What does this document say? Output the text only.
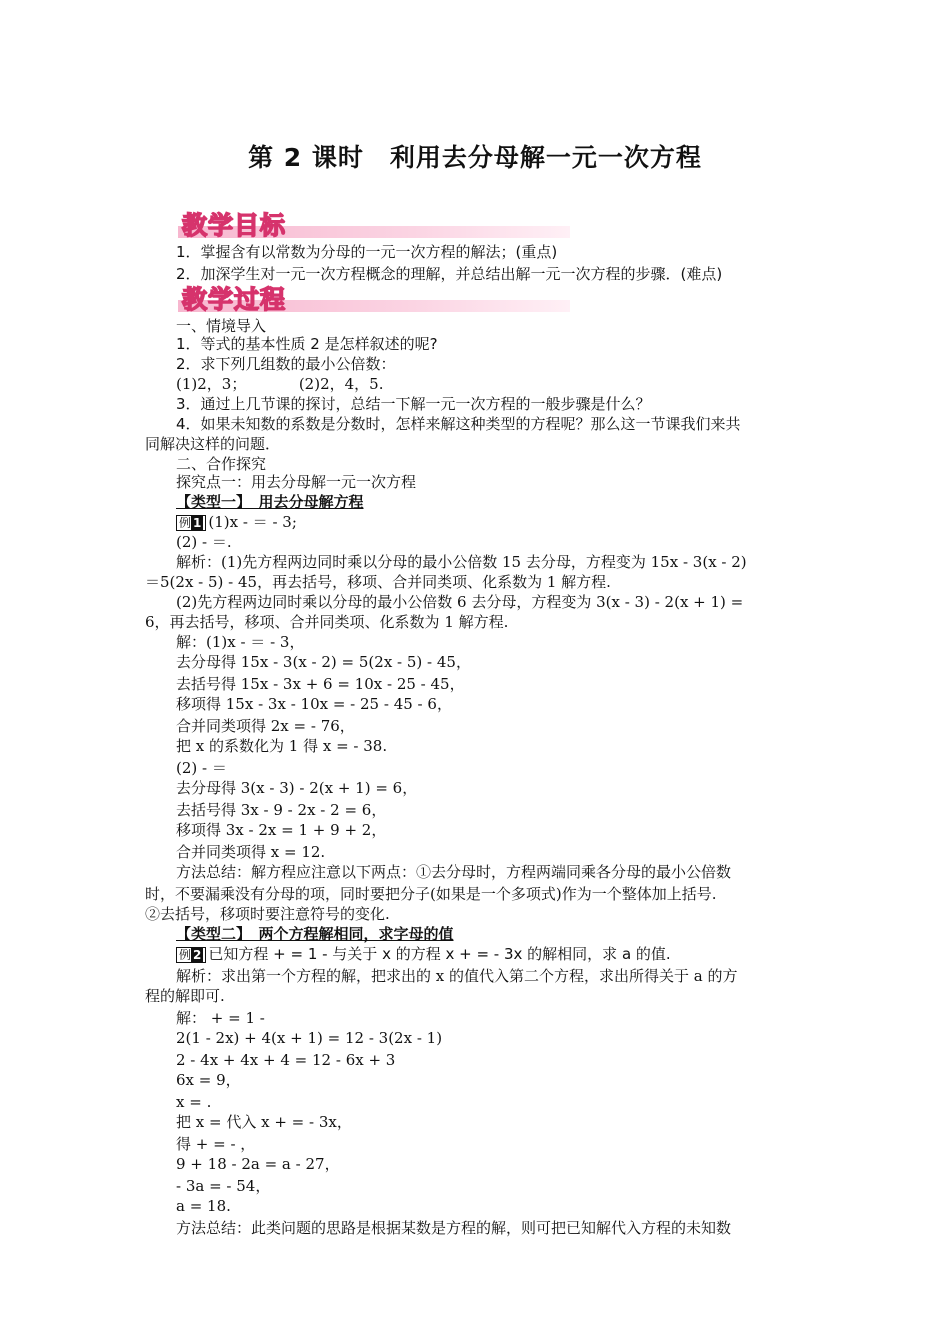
第 2 课时　利用去分母解一元一次方程
教学目标
1．掌握含有以常数为分母的一元一次方程的解法；(重点)
2．加深学生对一元一次方程概念的理解，并总结出解一元一次方程的步骤．(难点)
教学过程
一、情境导入
1．等式的基本性质 2 是怎样叙述的呢?
2．求下列几组数的最小公倍数：
(1)2，3；　　　　(2)2，4，5.
3．通过上几节课的探讨，总结一下解一元一次方程的一般步骤是什么？
4．如果未知数的系数是分数时，怎样来解这种类型的方程呢？那么这一节课我们来共
同解决这样的问题．
二、合作探究
探究点一：用去分母解一元一次方程
【类型一】　用去分母解方程
例 1 (1)x - ＝ - 3;
(2) - ＝.
解析：(1)先方程两边同时乘以分母的最小公倍数 15 去分母，方程变为 15x - 3(x - 2)
＝5(2x - 5) - 45，再去括号，移项、合并同类项、化系数为 1 解方程.
(2)先方程两边同时乘以分母的最小公倍数 6 去分母，方程变为 3(x - 3) - 2(x + 1) =
6，再去括号，移项、合并同类项、化系数为 1 解方程.
解：(1)x - ＝ - 3，
去分母得 15x - 3(x - 2) = 5(2x - 5) - 45，
去括号得 15x - 3x + 6 = 10x - 25 - 45，
移项得 15x - 3x - 10x = - 25 - 45 - 6，
合并同类项得 2x = - 76，
把 x 的系数化为 1 得 x = - 38.
(2) - ＝
去分母得 3(x - 3) - 2(x + 1) = 6，
去括号得 3x - 9 - 2x - 2 = 6，
移项得 3x - 2x = 1 + 9 + 2，
合并同类项得 x = 12.
方法总结：解方程应注意以下两点：①去分母时，方程两端同乘各分母的最小公倍数
时，不要漏乘没有分母的项，同时要把分子(如果是一个多项式)作为一个整体加上括号.
②去括号，移项时要注意符号的变化.
【类型二】　两个方程解相同，求字母的值
例 2 已知方程 + = 1 - 与关于 x 的方程 x + = - 3x 的解相同，求 a 的值.
解析：求出第一个方程的解，把求出的 x 的值代入第二个方程，求出所得关于 a 的方
程的解即可.
解： + = 1 -
2(1 - 2x) + 4(x + 1) = 12 - 3(2x - 1)
2 - 4x + 4x + 4 = 12 - 6x + 3
6x = 9，
x = .
把 x = 代入 x + = - 3x，
得 + = - ，
9 + 18 - 2a = a - 27，
- 3a = - 54，
a = 18.
方法总结：此类问题的思路是根据某数是方程的解，则可把已知解代入方程的未知数
